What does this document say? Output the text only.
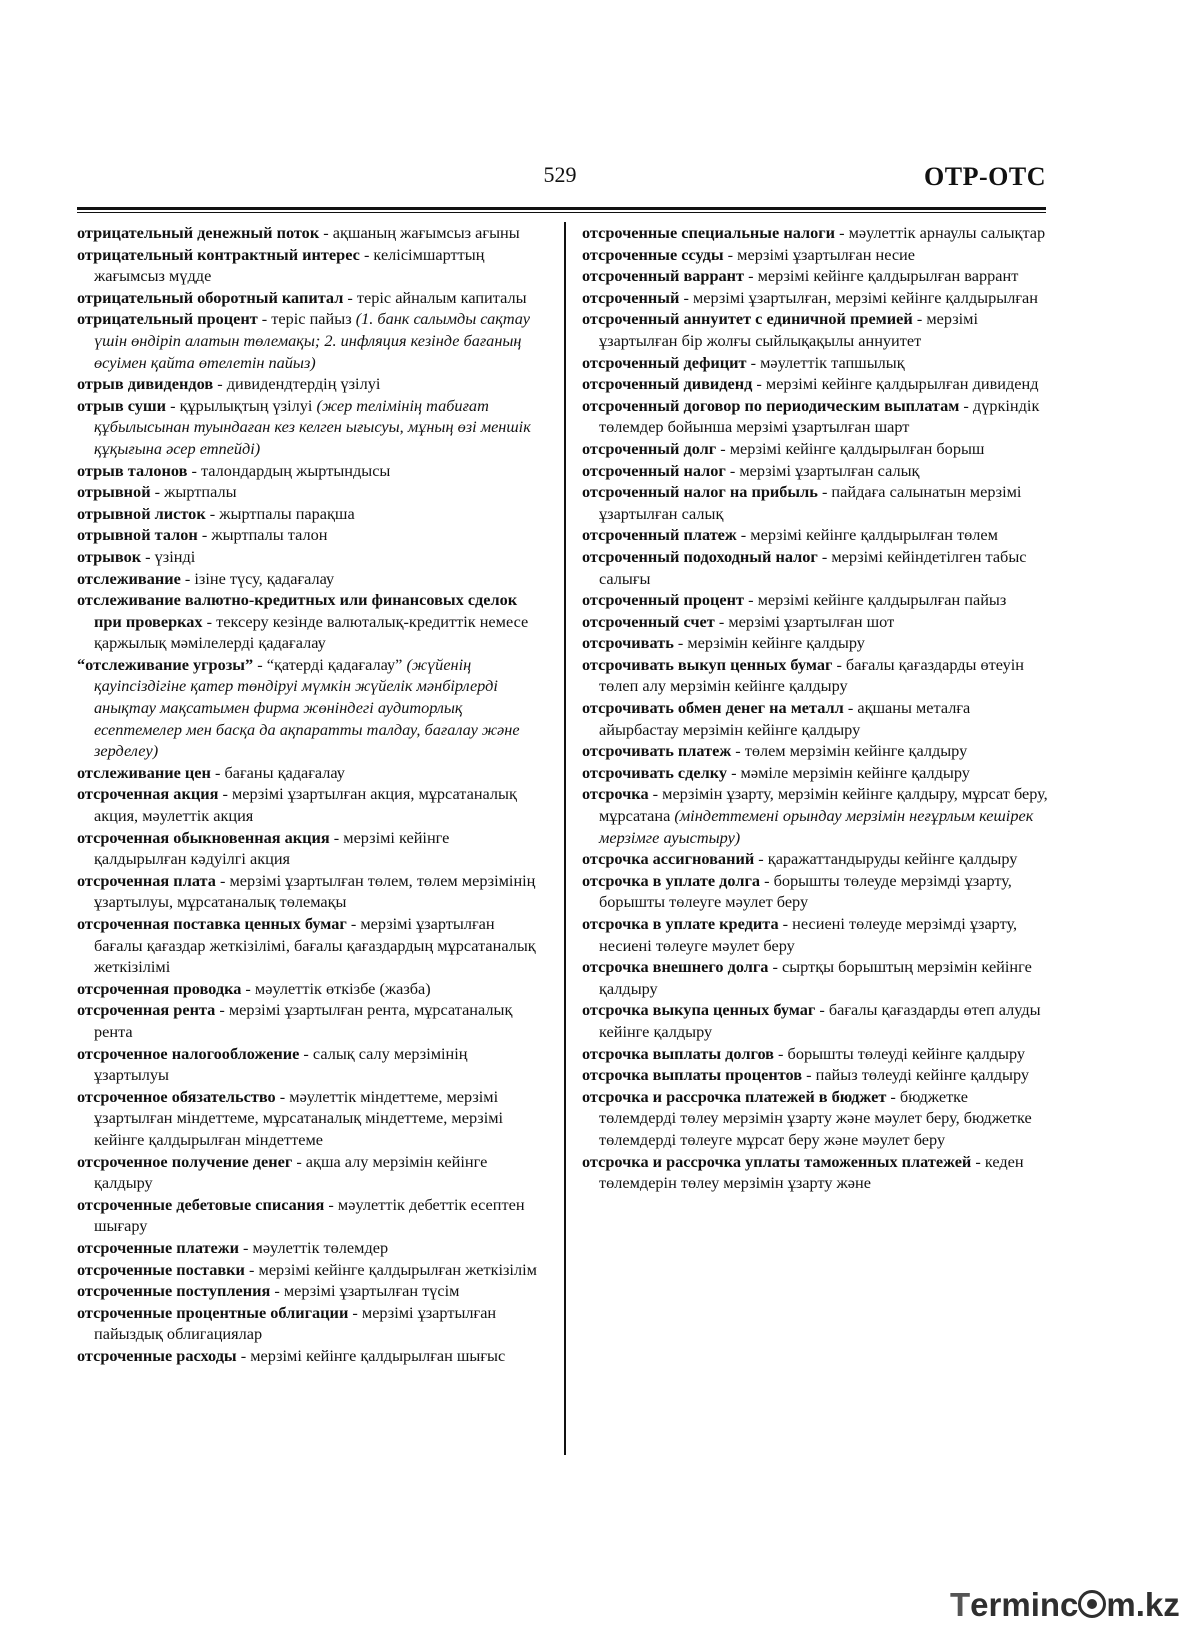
529	OTP-OTC

отрицательный денежный поток - ақшаның жағымсыз ағыны

отрицательный контрактный интерес - келісімшарттың жағымсыз мүдде

отрицательный оборотный капитал - теріс айналым капиталы

отрицательный процент - теріс пайыз (1. банк салымды сақтау үшін өндіріп алатын төлемақы; 2. инфляция кезінде бағаның өсуімен қайта өтелетін пайыз)

отрыв дивидендов - дивидендтердің үзілуі

отрыв суши - құрылықтың үзілуі (жер телімінің табиғат құбылысынан туындаған кез келген ығысуы, мұның өзі меншік құқығына әсер етпейді)

отрыв талонов - талондардың жыртындысы

отрывной - жыртпалы

отрывной листок - жыртпалы парақша

отрывной талон - жыртпалы талон

отрывок - үзінді

отслеживание - ізіне түсу, қадағалау

отслеживание валютно-кредитных или финансовых сделок при проверках - тексеру кезінде валюталық-кредиттік немесе қаржылық мәмілелерді қадағалау

“отслеживание угрозы” - “қатерді қадағалау” (жүйенің қауіпсіздігіне қатер төндіруі мүмкін жүйелік мәнбірлерді анықтау мақсатымен фирма жөніндегі аудиторлық есептемелер мен басқа да ақпаратты талдау, бағалау және зерделеу)

отслеживание цен - бағаны қадағалау

отсроченная акция - мерзімі ұзартылған акция, мұрсатаналық акция, мәулеттік акция

отсроченная обыкновенная акция - мерзімі кейінге қалдырылған кәдуілгі акция

отсроченная плата - мерзімі ұзартылған төлем, төлем мерзімінің ұзартылуы, мұрсатаналық төлемақы

отсроченная поставка ценных бумаг - мерзімі ұзартылған бағалы қағаздар жеткізілімі, бағалы қағаздардың мұрсатаналық жеткізілімі

отсроченная проводка - мәулеттік өткізбе (жазба)

отсроченная рента - мерзімі ұзартылған рента, мұрсатаналық рента

отсроченное налогообложение - салық салу мерзімінің ұзартылуы

отсроченное обязательство - мәулеттік міндеттеме, мерзімі ұзартылған міндеттеме, мұрсатаналық міндеттеме, мерзімі кейінге қалдырылған міндеттеме

отсроченное получение денег - ақша алу мерзімін кейінге қалдыру

отсроченные дебетовые списания - мәулеттік дебеттік есептен шығару

отсроченные платежи - мәулеттік төлемдер

отсроченные поставки - мерзімі кейінге қалдырылған жеткізілім

отсроченные поступления - мерзімі ұзартылған түсім

отсроченные процентные облигации - мерзімі ұзартылған пайыздық облигациялар

отсроченные расходы - мерзімі кейінге қалдырылған шығыс

отсроченные специальные налоги - мәулеттік арнаулы салықтар

отсроченные ссуды - мерзімі ұзартылған несие

отсроченный варрант - мерзімі кейінге қалдырылған варрант

отсроченный - мерзімі ұзартылған, мерзімі кейінге қалдырылған

отсроченный аннуитет с единичной премией - мерзімі ұзартылған бір жолғы сыйлықақылы аннуитет

отсроченный дефицит - мәулеттік тапшылық

отсроченный дивиденд - мерзімі кейінге қалдырылған дивиденд

отсроченный договор по периодическим выплатам - дүркіндік төлемдер бойынша мерзімі ұзартылған шарт

отсроченный долг - мерзімі кейінге қалдырылған борыш

отсроченный налог - мерзімі ұзартылған салық

отсроченный налог на прибыль - пайдаға салынатын мерзімі ұзартылған салық

отсроченный платеж - мерзімі кейінге қалдырылған төлем

отсроченный подоходный налог - мерзімі кейіндетілген табыс салығы

отсроченный процент - мерзімі кейінге қалдырылған пайыз

отсроченный счет - мерзімі ұзартылған шот

отсрочивать - мерзімін кейінге қалдыру

отсрочивать выкуп ценных бумаг - бағалы қағаздарды өтеуін төлеп алу мерзімін кейінге қалдыру

отсрочивать обмен денег на металл - ақшаны металға айырбастау мерзімін кейінге қалдыру

отсрочивать платеж - төлем мерзімін кейінге қалдыру

отсрочивать сделку - мәміле мерзімін кейінге қалдыру

отсрочка - мерзімін ұзарту, мерзімін кейінге қалдыру, мұрсат беру, мұрсатана (міндеттемені орындау мерзімін неғұрлым кешірек мерзімге ауыстыру)

отсрочка ассигнований - қаражаттандыруды кейінге қалдыру

отсрочка в уплате долга - борышты төлеуде мерзімді ұзарту, борышты төлеуге мәулет беру

отсрочка в уплате кредита - несиені төлеуде мерзімді ұзарту, несиені төлеуге мәулет беру

отсрочка внешнего долга - сыртқы борыштың мерзімін кейінге қалдыру

отсрочка выкупа ценных бумаг - бағалы қағаздарды өтеп алуды кейінге қалдыру

отсрочка выплаты долгов - борышты төлеуді кейінге қалдыру

отсрочка выплаты процентов - пайыз төлеуді кейінге қалдыру

отсрочка и рассрочка платежей в бюджет - бюджетке төлемдерді төлеу мерзімін ұзарту және мәулет беру, бюджетке төлемдерді төлеуге мұрсат беру және мәулет беру

отсрочка и рассрочка уплаты таможенных платежей - кеден төлемдерін төлеу мерзімін ұзарту және

Terminc m.kz
